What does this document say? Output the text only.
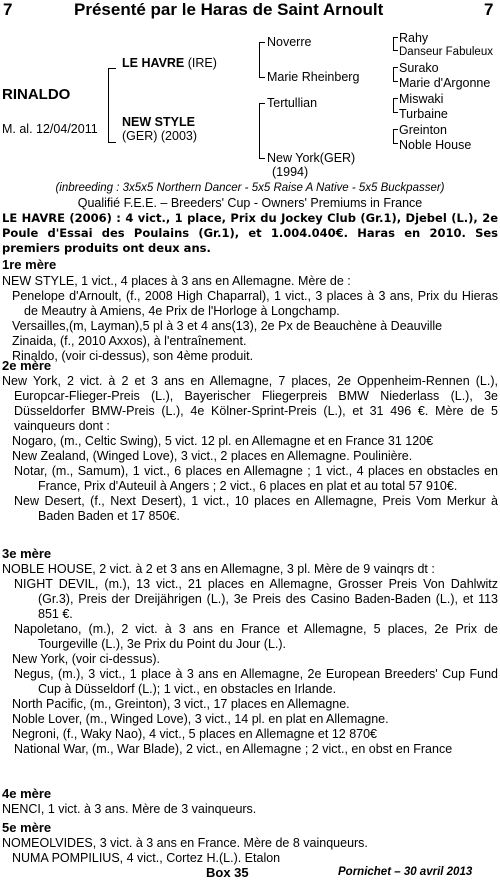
7	Présenté par le Haras de Saint Arnoult	7
RINALDO
M. al. 12/04/2011
LE HAVRE (IRE)
NEW STYLE
(GER) (2003)
Noverre
Marie Rheinberg
Tertullian
New York(GER)
(1994)
Rahy
Danseur Fabuleux
Surako
Marie d'Argonne
Miswaki
Turbaine
Greinton
Noble House
(inbreeding : 3x5x5 Northern Dancer - 5x5 Raise A Native - 5x5 Buckpasser)
Qualifié F.E.E. – Breeders' Cup - Owners' Premiums in France
LE HAVRE (2006) : 4 vict., 1 place, Prix du Jockey Club (Gr.1), Djebel (L.), 2e Poule d'Essai des Poulains (Gr.1), et 1.004.040€. Haras en 2010. Ses premiers produits ont deux ans.
1re mère

NEW STYLE, 1 vict., 4 places à 3 ans en Allemagne. Mère de :

Penelope d'Arnoult, (f., 2008 High Chaparral), 1 vict., 3 places à 3 ans, Prix du Hieras de Meautry à Amiens, 4e Prix de l'Horloge à Longchamp.

Versailles,(m, Layman),5 pl à 3 et 4 ans(13), 2e Px de Beauchène à Deauville

Zinaida, (f., 2010 Axxos), à l'entraînement.

Rinaldo, (voir ci-dessus), son 4ème produit.

2e mère

New York, 2 vict. à 2 et 3 ans en Allemagne, 7 places, 2e Oppenheim-Rennen (L.), Europcar-Flieger-Preis (L.), Bayerischer Fliegerpreis BMW Niederlass (L.), 3e Düsseldorfer BMW-Preis (L.), 4e Kölner-Sprint-Preis (L.), et 31 496 €. Mère de 5 vainqueurs dont :

Nogaro, (m., Celtic Swing), 5 vict. 12 pl. en Allemagne et en France 31 120€

New Zealand, (Winged Love), 3 vict., 2 places en Allemagne. Poulinière.

Notar, (m., Samum), 1 vict., 6 places en Allemagne ; 1 vict., 4 places en obstacles en France, Prix d'Auteuil à Angers ; 2 vict., 6 places en plat et au total 57 910€.

New Desert, (f., Next Desert), 1 vict., 10 places en Allemagne, Preis Vom Merkur à Baden Baden et 17 850€.

3e mère

NOBLE HOUSE, 2 vict. à 2 et 3 ans en Allemagne, 3 pl. Mère de 9 vainqrs dt :

NIGHT DEVIL, (m.), 13 vict., 21 places en Allemagne, Grosser Preis Von Dahlwitz (Gr.3), Preis der Dreijährigen (L.), 3e Preis des Casino Baden-Baden (L.), et 113 851 €.

Napoletano, (m.), 2 vict. à 3 ans en France et Allemagne, 5 places, 2e Prix de Tourgeville (L.), 3e Prix du Point du Jour (L.).

New York, (voir ci-dessus).

Negus, (m.), 3 vict., 1 place à 3 ans en Allemagne, 2e European Breeders' Cup Fund Cup à Düsseldorf (L.); 1 vict., en obstacles en Irlande.

North Pacific, (m., Greinton), 3 vict., 17 places en Allemagne.

Noble Lover, (m., Winged Love), 3 vict., 14 pl. en plat en Allemagne.

Negroni, (f., Waky Nao), 4 vict., 5 places en Allemagne et 12 870€

National War, (m., War Blade), 2 vict., en Allemagne ; 2 vict., en obst en France

4e mère

NENCI, 1 vict. à 3 ans. Mère de 3 vainqueurs.

5e mère

NOMEOLVIDES, 3 vict. à 3 ans en France. Mère de 8 vainqueurs.

NUMA POMPILIUS, 4 vict., Cortez H.(L.). Etalon

Box 35	Pornichet – 30 avril 2013
